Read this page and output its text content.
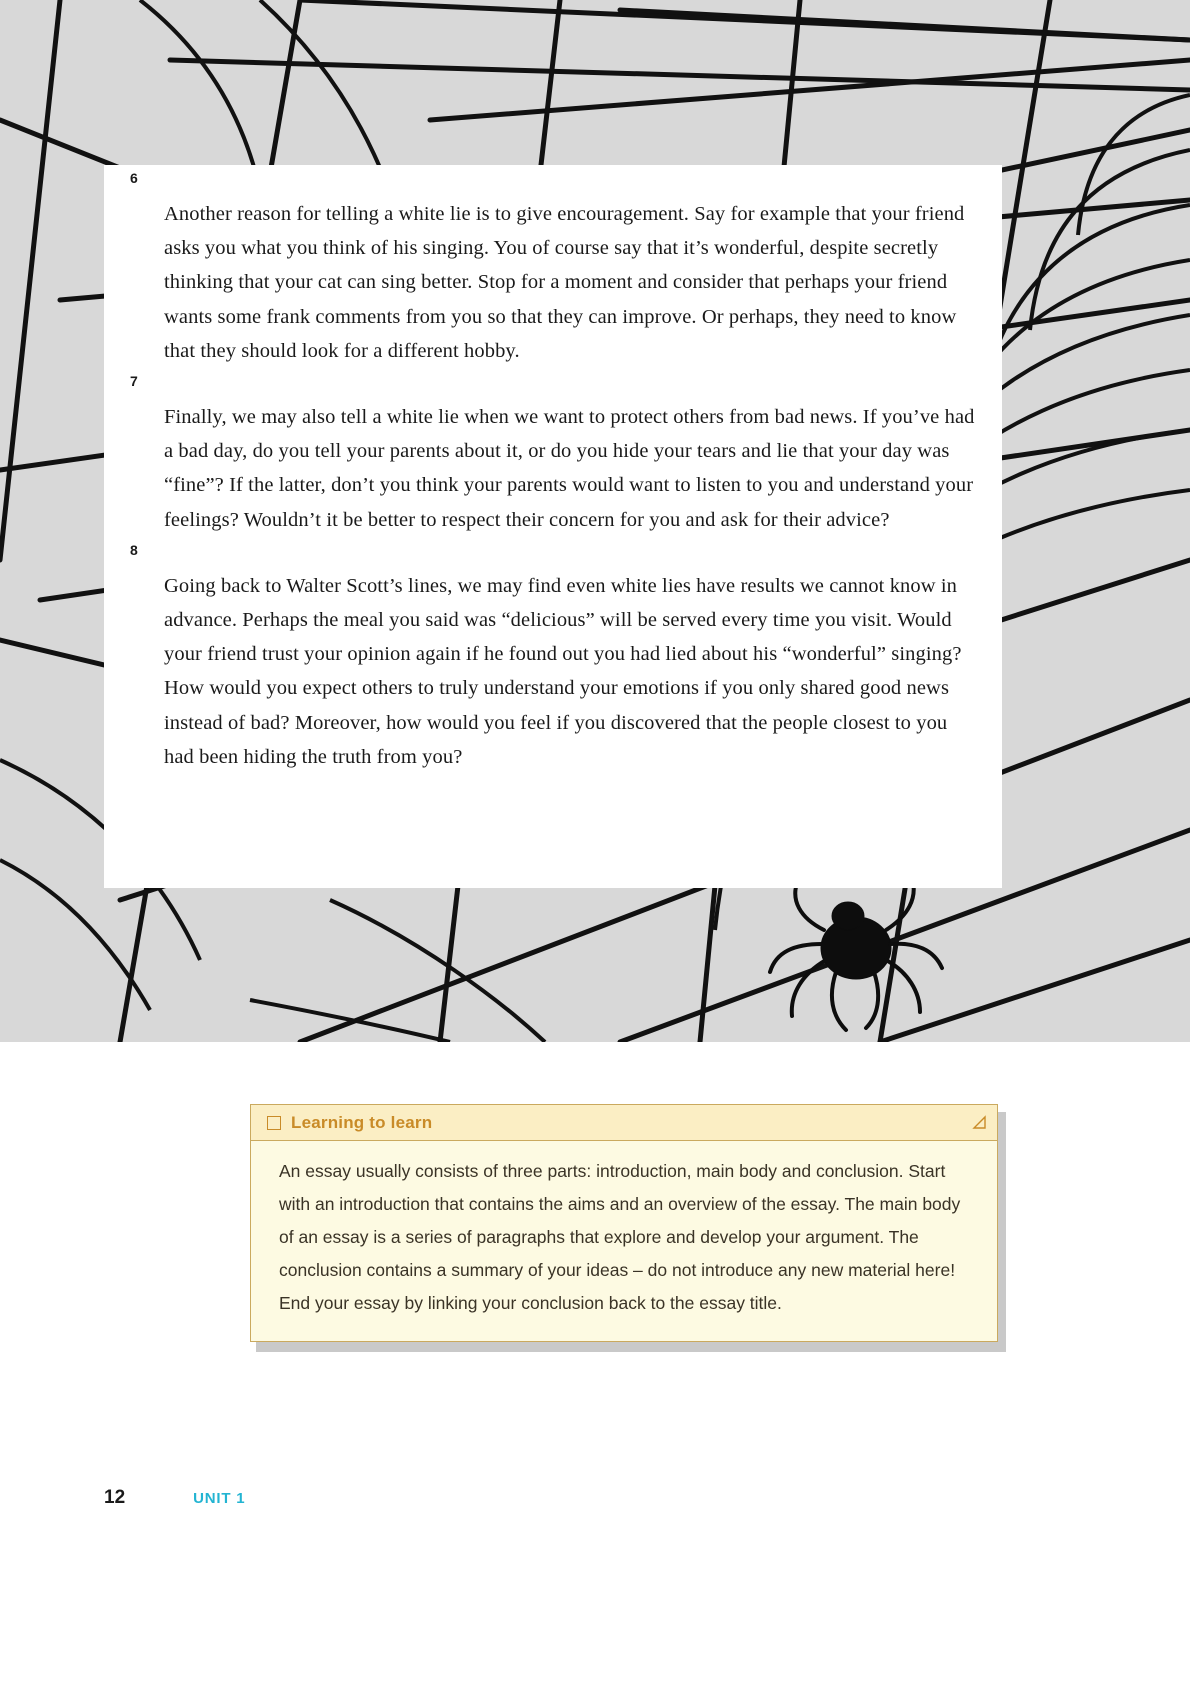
6
Another reason for telling a white lie is to give encouragement. Say for example that your friend asks you what you think of his singing. You of course say that it’s wonderful, despite secretly thinking that your cat can sing better. Stop for a moment and consider that perhaps your friend wants some frank comments from you so that they can improve. Or perhaps, they need to know that they should look for a different hobby.
7
Finally, we may also tell a white lie when we want to protect others from bad news. If you’ve had a bad day, do you tell your parents about it, or do you hide your tears and lie that your day was “fine”? If the latter, don’t you think your parents would want to listen to you and understand your feelings? Wouldn’t it be better to respect their concern for you and ask for their advice?
8
Going back to Walter Scott’s lines, we may find even white lies have results we cannot know in advance. Perhaps the meal you said was “delicious” will be served every time you visit. Would your friend trust your opinion again if he found out you had lied about his “wonderful” singing? How would you expect others to truly understand your emotions if you only shared good news instead of bad? Moreover, how would you feel if you discovered that the people closest to you had been hiding the truth from you?
Learning to learn
An essay usually consists of three parts: introduction, main body and conclusion. Start with an introduction that contains the aims and an overview of the essay. The main body of an essay is a series of paragraphs that explore and develop your argument. The conclusion contains a summary of your ideas – do not introduce any new material here! End your essay by linking your conclusion back to the essay title.
12	UNIT 1
